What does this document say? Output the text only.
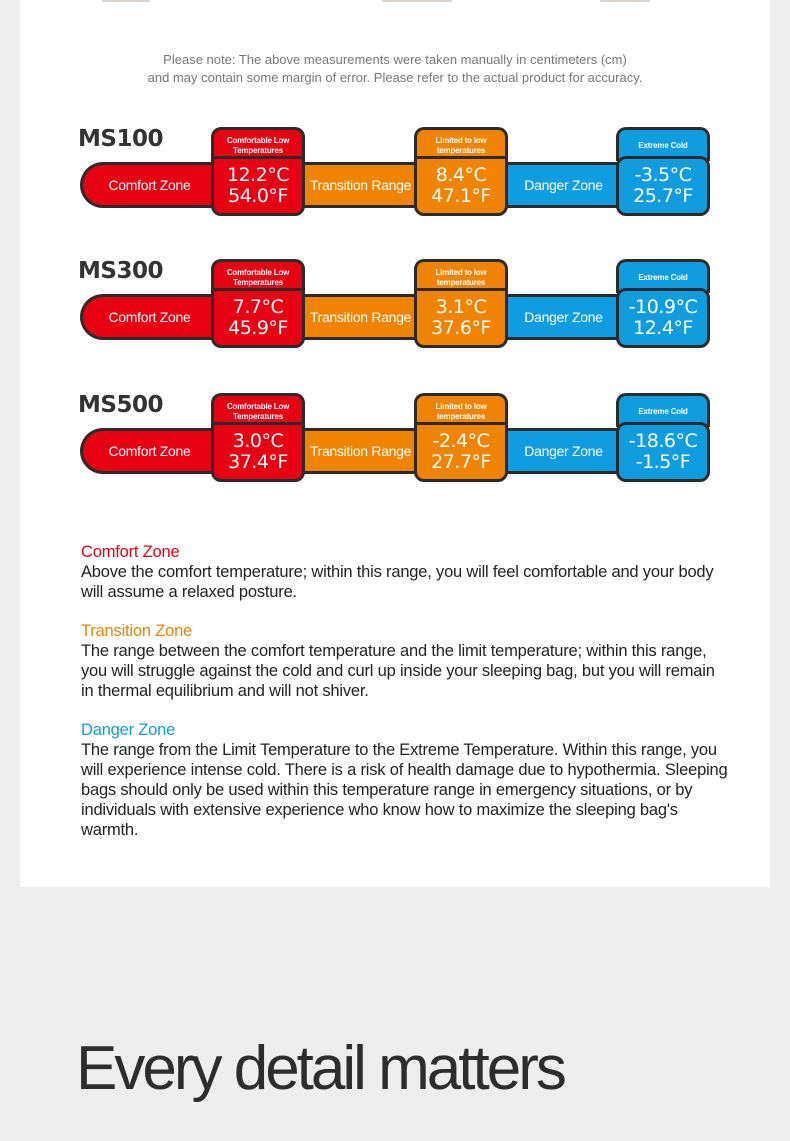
Please note: The above measurements were taken manually in centimeters (cm)
and may contain some margin of error. Please refer to the actual product for accuracy.
MS100
Comfort Zone	Transition Range	Danger Zone
Comfortable Low Temperatures
12.2°C
54.0°F
Limited to low temperatures
8.4°C
47.1°F
Extreme Cold
-3.5°C
25.7°F
MS300
Comfort Zone	Transition Range	Danger Zone
Comfortable Low Temperatures
7.7°C
45.9°F
Limited to low temperatures
3.1°C
37.6°F
Extreme Cold
-10.9°C
12.4°F
MS500
Comfort Zone	Transition Range	Danger Zone
Comfortable Low Temperatures
3.0°C
37.4°F
Limited to low temperatures
-2.4°C
27.7°F
Extreme Cold
-18.6°C
-1.5°F
Comfort Zone
Above the comfort temperature; within this range, you will feel comfortable and your body will assume a relaxed posture.
Transition Zone
The range between the comfort temperature and the limit temperature; within this range, you will struggle against the cold and curl up inside your sleeping bag, but you will remain in thermal equilibrium and will not shiver.
Danger Zone
The range from the Limit Temperature to the Extreme Temperature. Within this range, you will experience intense cold. There is a risk of health damage due to hypothermia. Sleeping bags should only be used within this temperature range in emergency situations, or by individuals with extensive experience who know how to maximize the sleeping bag's warmth.
Every detail matters
